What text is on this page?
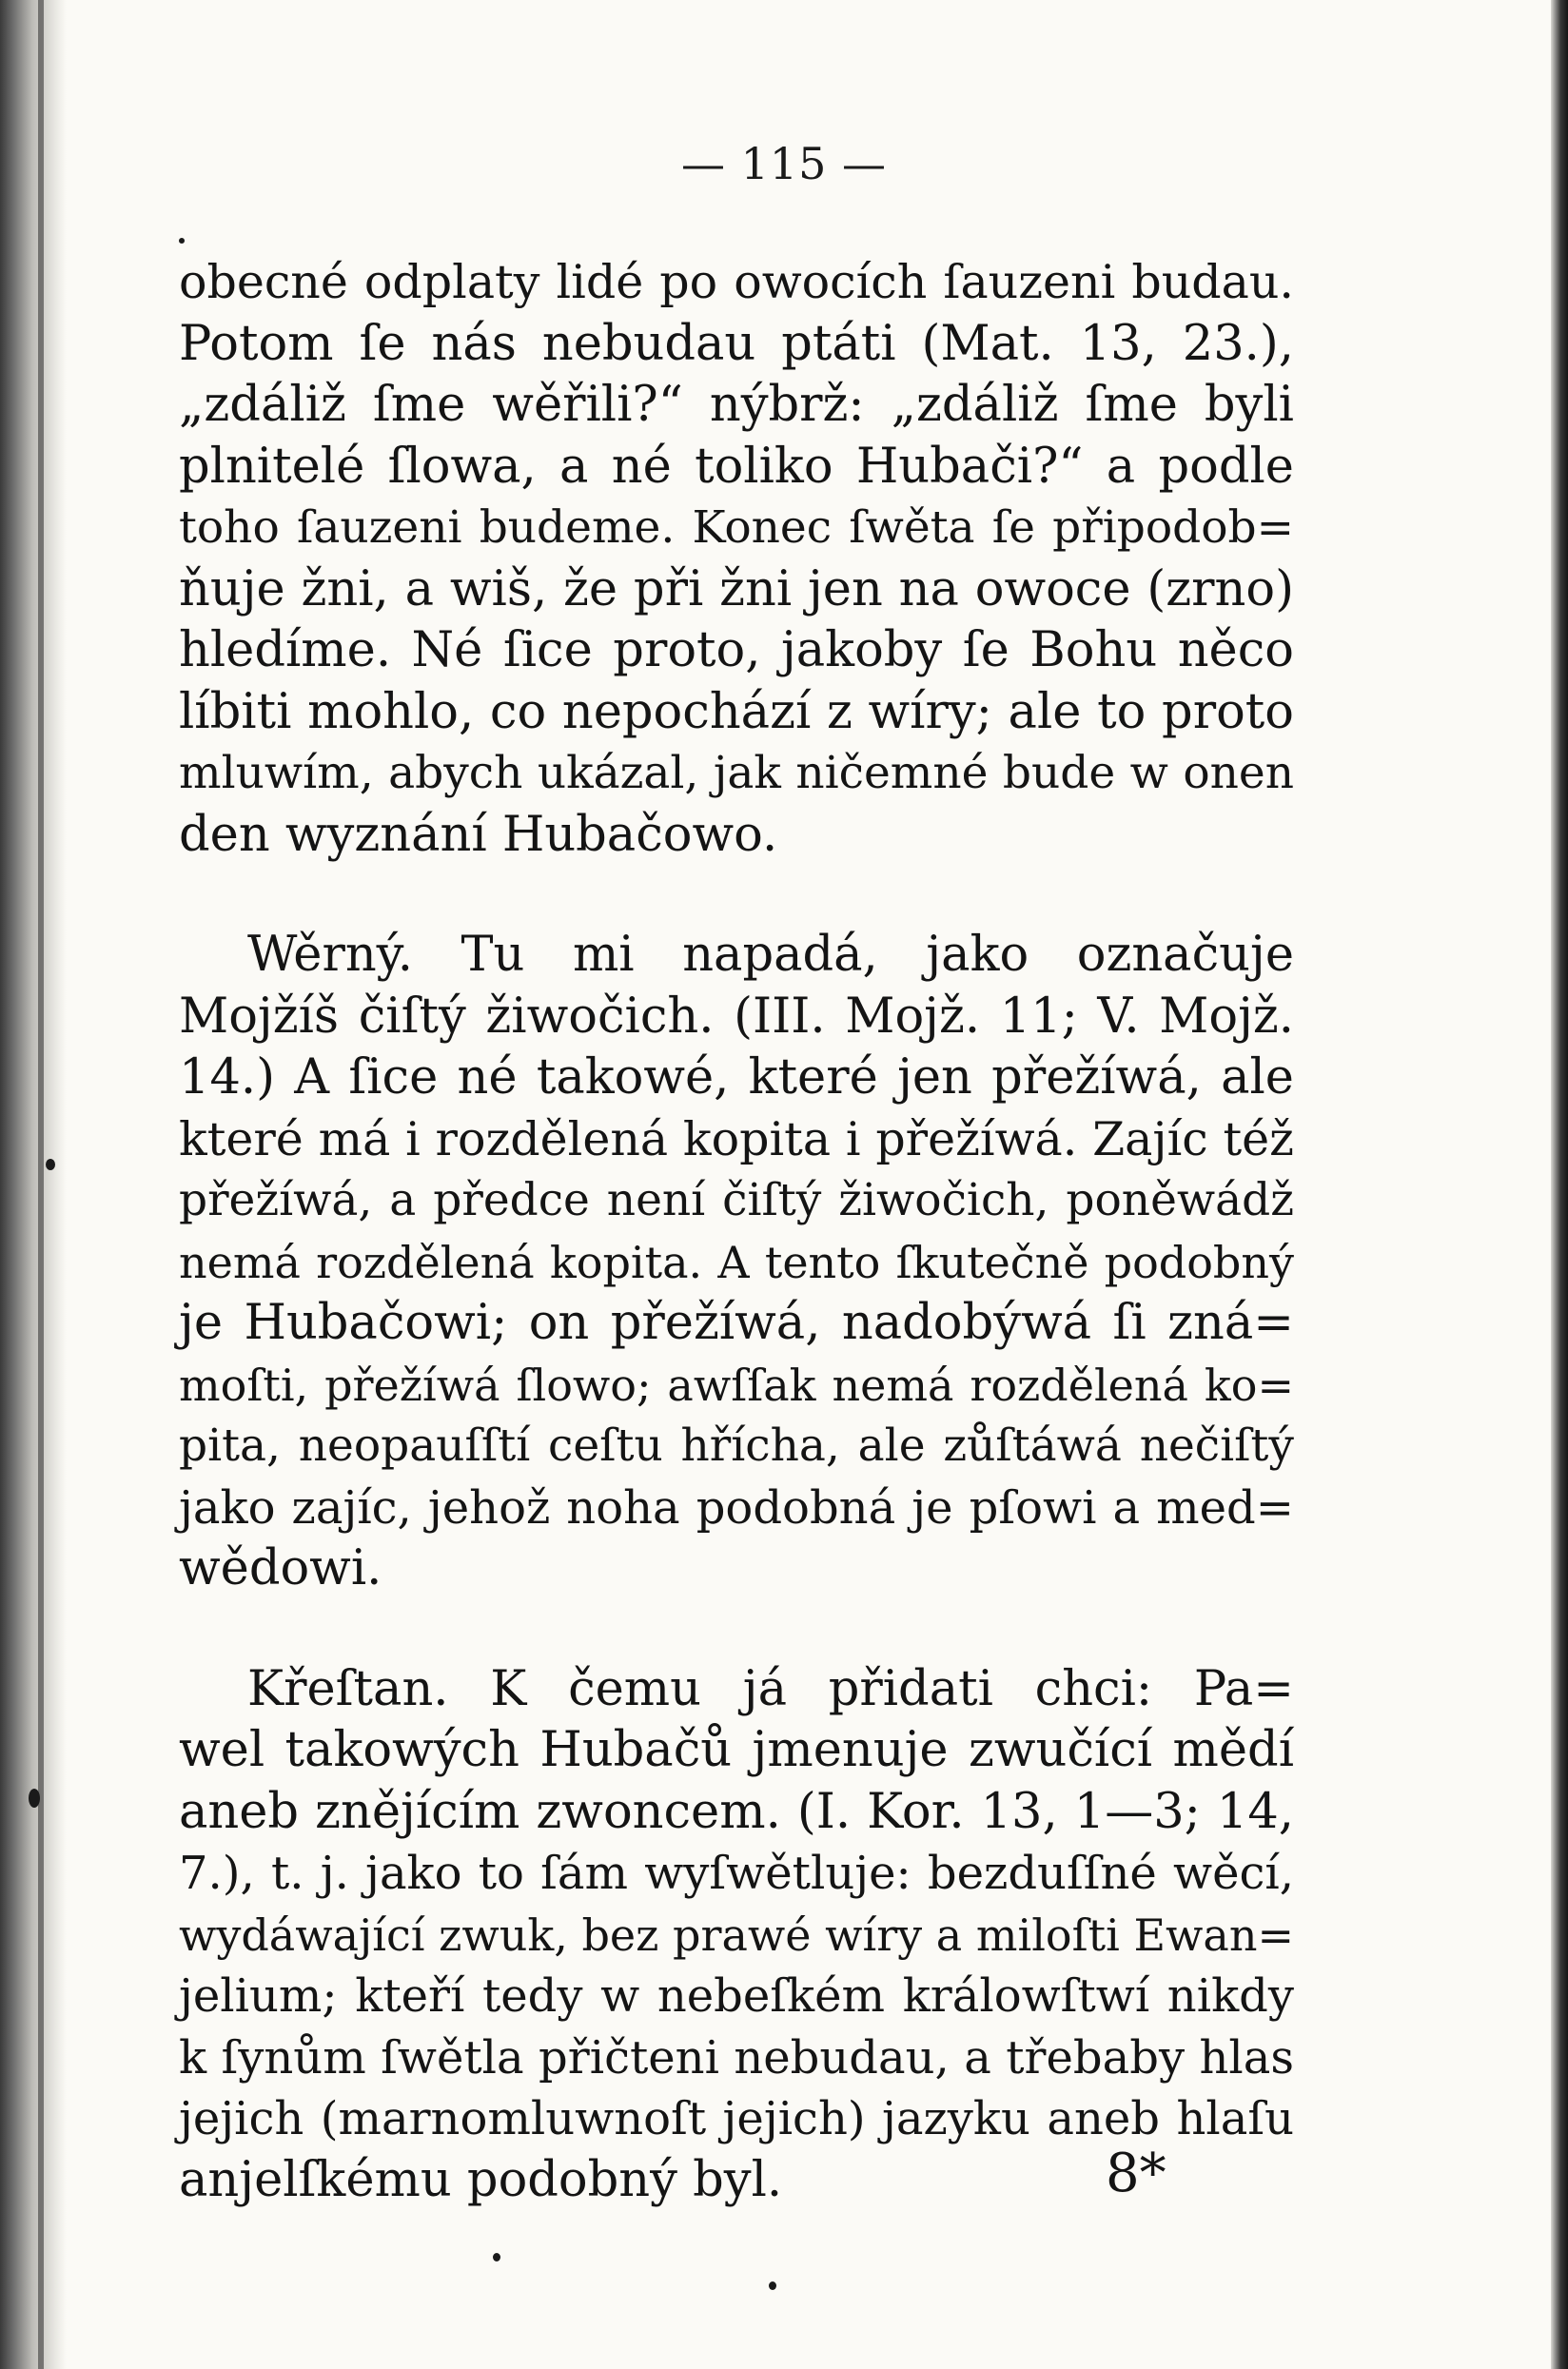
— 115 —
obecné odplaty lidé po owocích ſauzeni budau.
Potom ſe nás nebudau ptáti (Mat. 13, 23.),
„zdáliž ſme wěřili?“ nýbrž: „zdáliž ſme byli
plnitelé ſlowa, a né toliko Hubači?“ a podle
toho ſauzeni budeme. Konec ſwěta ſe připodob=
ňuje žni, a wiš, že při žni jen na owoce (zrno)
hledíme. Né ſice proto, jakoby ſe Bohu něco
líbiti mohlo, co nepochází z wíry; ale to proto
mluwím, abych ukázal, jak ničemné bude w onen
den wyznání Hubačowo.
Wěrný. Tu mi napadá, jako označuje
Mojžíš čiſtý žiwočich. (III. Mojž. 11; V. Mojž.
14.) A ſice né takowé, které jen přežíwá, ale
které má i rozdělená kopita i přežíwá. Zajíc též
přežíwá, a předce není čiſtý žiwočich, poněwádž
nemá rozdělená kopita. A tento ſkutečně podobný
je Hubačowi; on přežíwá, nadobýwá ſi zná=
moſti, přežíwá ſlowo; awſſak nemá rozdělená ko=
pita, neopauſſtí ceſtu hřícha, ale zůſtáwá nečiſtý
jako zajíc, jehož noha podobná je pſowi a med=
wědowi.
Křeſtan. K čemu já přidati chci: Pa=
wel takowých Hubačů jmenuje zwučící mědí
aneb znějícím zwoncem. (I. Kor. 13, 1—3; 14,
7.), t. j. jako to ſám wyſwětluje: bezduſſné wěcí,
wydáwající zwuk, bez prawé wíry a miloſti Ewan=
jelium; kteří tedy w nebeſkém králowſtwí nikdy
k ſynům ſwětla přičteni nebudau, a třebaby hlas
jejich (marnomluwnoſt jejich) jazyku aneb hlaſu
anjelſkému podobný byl.	8*
